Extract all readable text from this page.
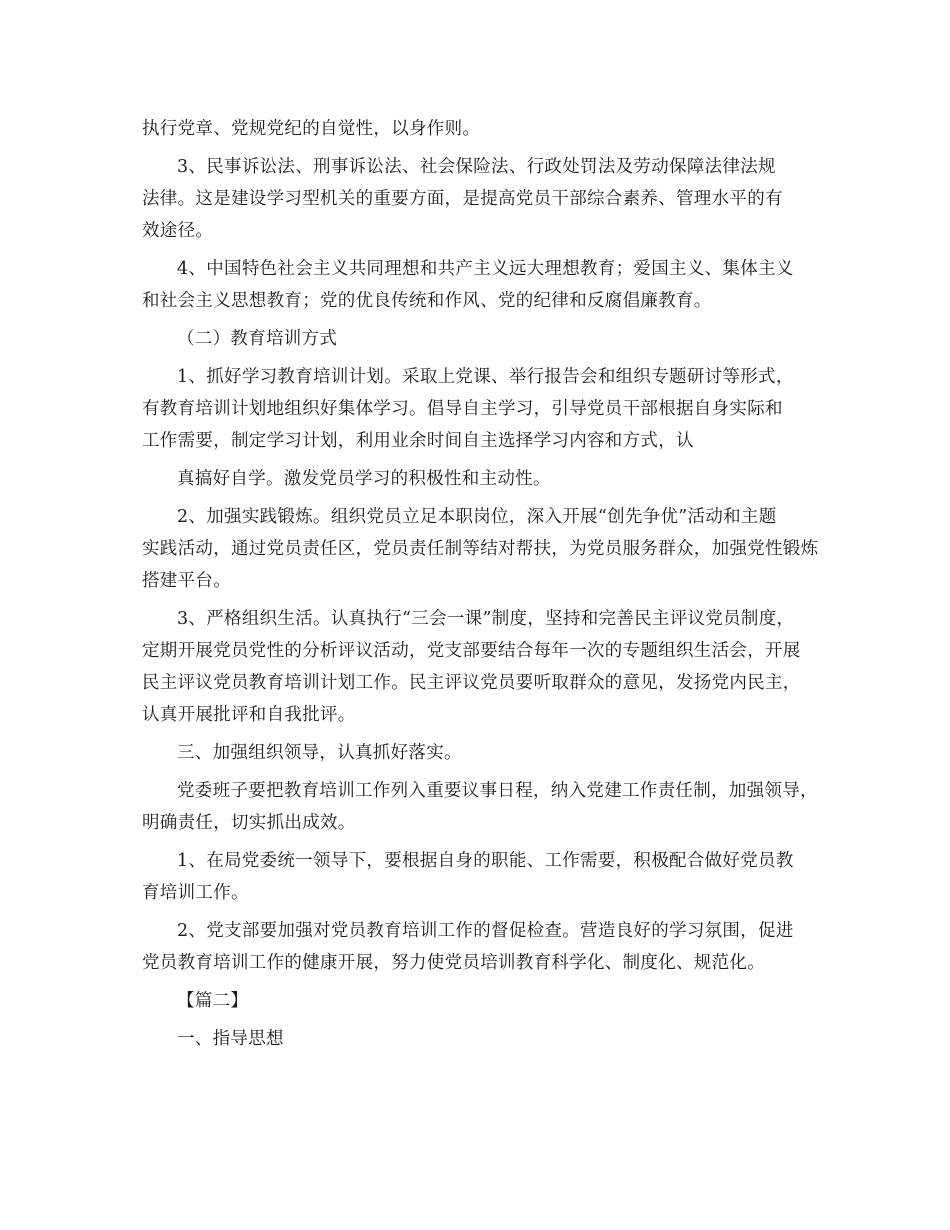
执行党章、党规党纪的自觉性，以身作则。
3、民事诉讼法、刑事诉讼法、社会保险法、行政处罚法及劳动保障法律法规
法律。这是建设学习型机关的重要方面，是提高党员干部综合素养、管理水平的有
效途径。
4、中国特色社会主义共同理想和共产主义远大理想教育；爱国主义、集体主义
和社会主义思想教育；党的优良传统和作风、党的纪律和反腐倡廉教育。
（二）教育培训方式
1、抓好学习教育培训计划。采取上党课、举行报告会和组织专题研讨等形式，
有教育培训计划地组织好集体学习。倡导自主学习，引导党员干部根据自身实际和
工作需要，制定学习计划，利用业余时间自主选择学习内容和方式，认
真搞好自学。激发党员学习的积极性和主动性。
2、加强实践锻炼。组织党员立足本职岗位，深入开展“创先争优”活动和主题
实践活动，通过党员责任区，党员责任制等结对帮扶，为党员服务群众，加强党性锻炼
搭建平台。
3、严格组织生活。认真执行“三会一课”制度，坚持和完善民主评议党员制度，
定期开展党员党性的分析评议活动，党支部要结合每年一次的专题组织生活会，开展
民主评议党员教育培训计划工作。民主评议党员要听取群众的意见，发扬党内民主，
认真开展批评和自我批评。
三、加强组织领导，认真抓好落实。
党委班子要把教育培训工作列入重要议事日程，纳入党建工作责任制，加强领导，
明确责任，切实抓出成效。
1、在局党委统一领导下，要根据自身的职能、工作需要，积极配合做好党员教
育培训工作。
2、党支部要加强对党员教育培训工作的督促检查。营造良好的学习氛围，促进
党员教育培训工作的健康开展，努力使党员培训教育科学化、制度化、规范化。
【篇二】
一、指导思想
